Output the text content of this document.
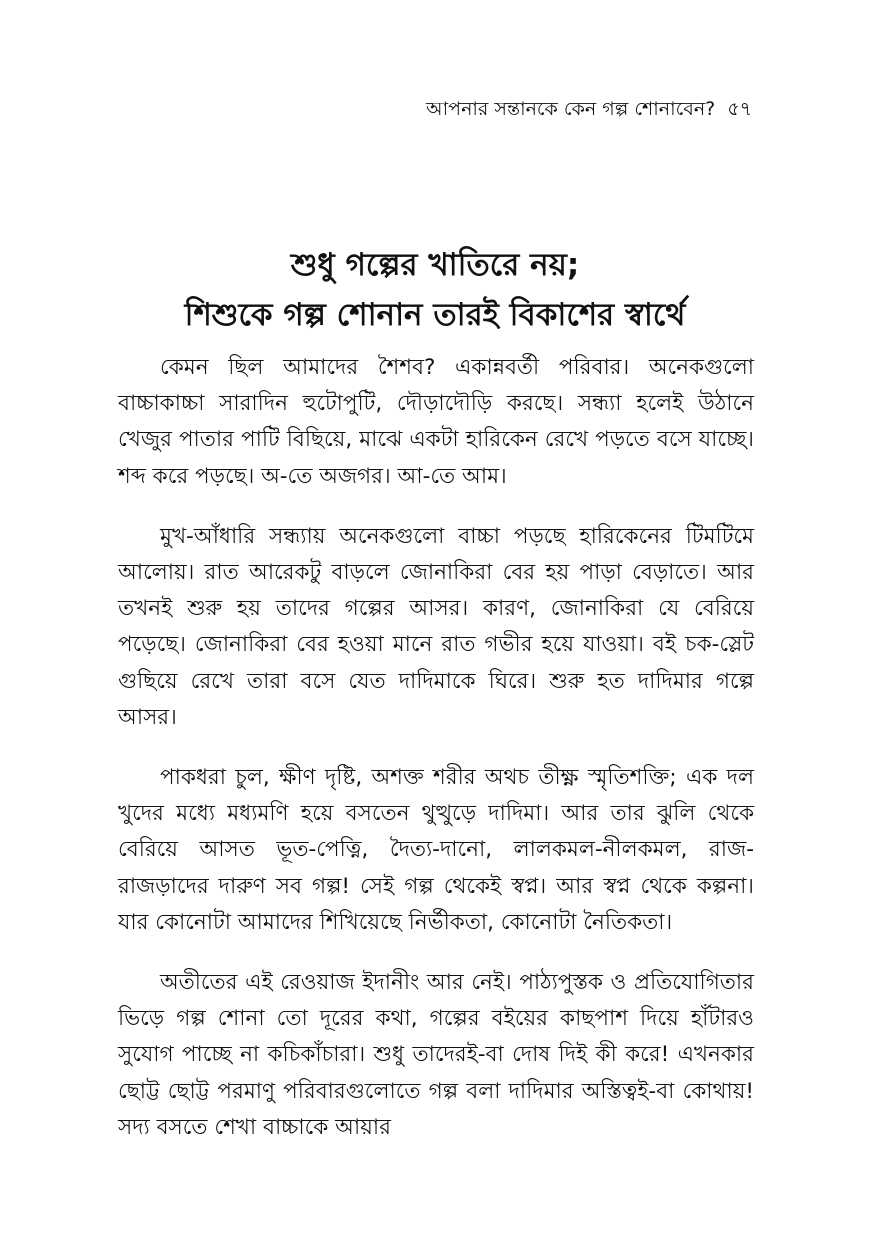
আপনার সন্তানকে কেন গল্প শোনাবেন? ৫৭
শুধু গল্পের খাতিরে নয়;
শিশুকে গল্প শোনান তারই বিকাশের স্বার্থে

কেমন ছিল আমাদের শৈশব? একান্নবর্তী পরিবার। অনেকগুলো বাচ্চাকাচ্চা সারাদিন হুটোপুটি, দৌড়াদৌড়ি করছে। সন্ধ্যা হলেই উঠানে খেজুর পাতার পাটি বিছিয়ে, মাঝে একটা হারিকেন রেখে পড়তে বসে যাচ্ছে। শব্দ করে পড়ছে। অ-তে অজগর। আ-তে আম।

মুখ-আঁধারি সন্ধ্যায় অনেকগুলো বাচ্চা পড়ছে হারিকেনের টিমটিমে আলোয়। রাত আরেকটু বাড়লে জোনাকিরা বের হয় পাড়া বেড়াতে। আর তখনই শুরু হয় তাদের গল্পের আসর। কারণ, জোনাকিরা যে বেরিয়ে পড়েছে। জোনাকিরা বের হওয়া মানে রাত গভীর হয়ে যাওয়া। বই চক-স্লেট গুছিয়ে রেখে তারা বসে যেত দাদিমাকে ঘিরে। শুরু হত দাদিমার গল্পে আসর।

পাকধরা চুল, ক্ষীণ দৃষ্টি, অশক্ত শরীর অথচ তীক্ষ্ণ স্মৃতিশক্তি; এক দল খুদের মধ্যে মধ্যমণি হয়ে বসতেন থুত্থুড়ে দাদিমা। আর তার ঝুলি থেকে বেরিয়ে আসত ভূত-পেত্নি, দৈত্য-দানো, লালকমল-নীলকমল, রাজ-রাজড়াদের দারুণ সব গল্প! সেই গল্প থেকেই স্বপ্ন। আর স্বপ্ন থেকে কল্পনা। যার কোনোটা আমাদের শিখিয়েছে নির্ভীকতা, কোনোটা নৈতিকতা।

অতীতের এই রেওয়াজ ইদানীং আর নেই। পাঠ্যপুস্তক ও প্রতিযোগিতার ভিড়ে গল্প শোনা তো দূরের কথা, গল্পের বইয়ের কাছপাশ দিয়ে হাঁটারও সুযোগ পাচ্ছে না কচিকাঁচারা। শুধু তাদেরই-বা দোষ দিই কী করে! এখনকার ছোট্ট ছোট্ট পরমাণু পরিবারগুলোতে গল্প বলা দাদিমার অস্তিত্বই-বা কোথায়! সদ্য বসতে শেখা বাচ্চাকে আয়ার
